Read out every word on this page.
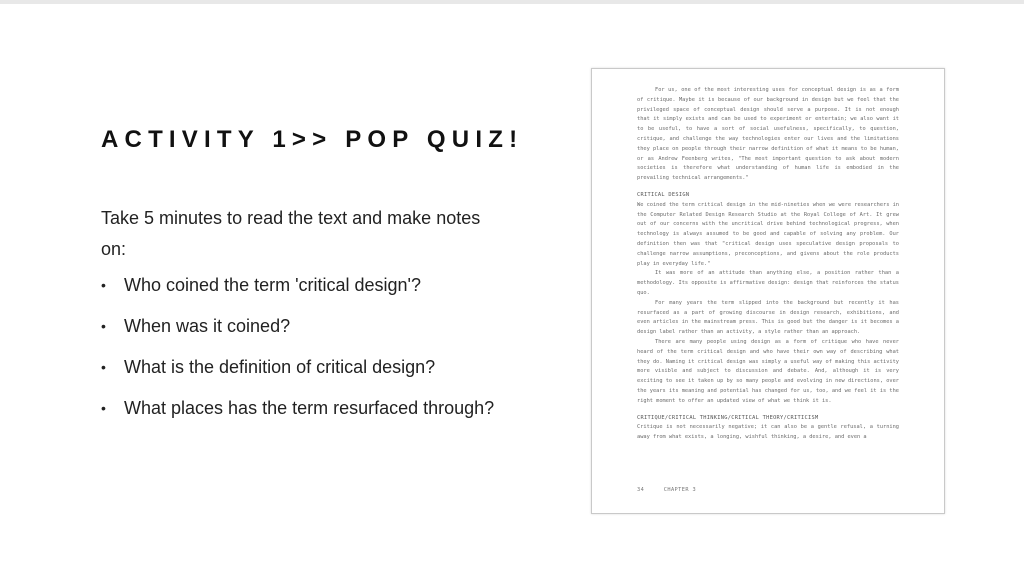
ACTIVITY 1>> POP QUIZ!
Take 5 minutes to read the text and make notes on:
• Who coined the term 'critical design'?
• When was it coined?
• What is the definition of critical design?
• What places has the term resurfaced through?

For us, one of the most interesting uses for conceptual design is as a form of critique. Maybe it is because of our background in design but we feel that the privileged space of conceptual design should serve a purpose. It is not enough that it simply exists and can be used to experiment or entertain; we also want it to be useful, to have a sort of social usefulness, specifically, to question, critique, and challenge the way technologies enter our lives and the limitations they place on people through their narrow definition of what it means to be human, or as Andrew Feenberg writes, "The most important question to ask about modern societies is therefore what understanding of human life is embodied in the prevailing technical arrangements."

CRITICAL DESIGN

We coined the term critical design in the mid-nineties when we were researchers in the Computer Related Design Research Studio at the Royal College of Art. It grew out of our concerns with the uncritical drive behind technological progress, when technology is always assumed to be good and capable of solving any problem. Our definition then was that "critical design uses speculative design proposals to challenge narrow assumptions, preconceptions, and givens about the role products play in everyday life."

It was more of an attitude than anything else, a position rather than a methodology. Its opposite is affirmative design: design that reinforces the status quo.

For many years the term slipped into the background but recently it has resurfaced as a part of growing discourse in design research, exhibitions, and even articles in the mainstream press. This is good but the danger is it becomes a design label rather than an activity, a style rather than an approach.

There are many people using design as a form of critique who have never heard of the term critical design and who have their own way of describing what they do. Naming it critical design was simply a useful way of making this activity more visible and subject to discussion and debate. And, although it is very exciting to see it taken up by so many people and evolving in new directions, over the years its meaning and potential has changed for us, too, and we feel it is the right moment to offer an updated view of what we think it is.

CRITIQUE/CRITICAL THINKING/CRITICAL THEORY/CRITICISM

Critique is not necessarily negative; it can also be a gentle refusal, a turning away from what exists, a longing, wishful thinking, a desire, and even a

34	CHAPTER 3
